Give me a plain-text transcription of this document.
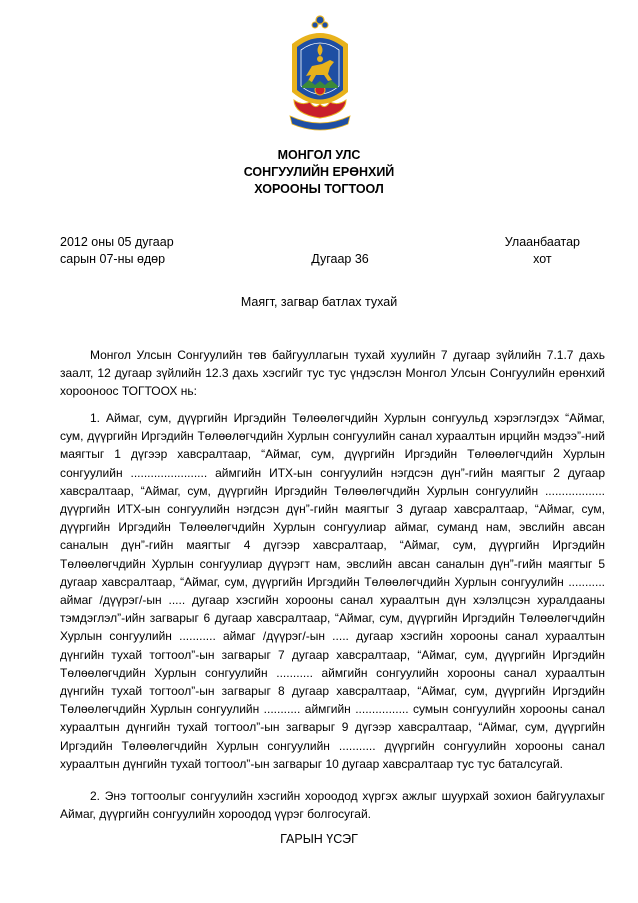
МОНГОЛ УЛС
СОНГУУЛИЙН ЕРӨНХИЙ
ХОРООНЫ ТОГТООЛ
2012 оны 05 дугаар
сарын 07-ны өдөр	Дугаар 36
Улаанбаатар
хот
Маягт, загвар батлах тухай

Монгол Улсын Сонгуулийн төв байгууллагын тухай хуулийн 7 дугаар зүйлийн 7.1.7 дахь заалт, 12 дугаар зүйлийн 12.3 дахь хэсгийг тус тус үндэслэн Монгол Улсын Сонгуулийн ерөнхий хорооноос ТОГТООХ нь:

1. Аймаг, сум, дүүргийн Иргэдийн Төлөөлөгчдийн Хурлын сонгуульд хэрэглэгдэх “Аймаг, сум, дүүргийн Иргэдийн Төлөөлөгчдийн Хурлын сонгуулийн санал хураалтын ирцийн мэдээ”-ний маягтыг 1 дүгээр хавсралтаар, “Аймаг, сум, дүүргийн Иргэдийн Төлөөлөгчдийн Хурлын сонгуулийн ....................... аймгийн ИТХ-ын сонгуулийн нэгдсэн дүн”-гийн маягтыг 2 дугаар хавсралтаар, “Аймаг, сум, дүүргийн Иргэдийн Төлөөлөгчдийн Хурлын сонгуулийн .................. дүүргийн ИТХ-ын сонгуулийн нэгдсэн дүн”-гийн маягтыг 3 дугаар хавсралтаар, “Аймаг, сум, дүүргийн Иргэдийн Төлөөлөгчдийн Хурлын сонгуулиар аймаг, суманд нам, эвслийн авсан саналын дүн”-гийн маягтыг 4 дүгээр хавсралтаар, “Аймаг, сум, дүүргийн Иргэдийн Төлөөлөгчдийн Хурлын сонгуулиар дүүрэгт нам, эвслийн авсан саналын дүн”-гийн маягтыг 5 дугаар хавсралтаар, “Аймаг, сум, дүүргийн Иргэдийн Төлөөлөгчдийн Хурлын сонгуулийн ........... аймаг /дүүрэг/-ын ..... дугаар хэсгийн хорооны санал хураалтын дүн хэлэлцсэн хуралдааны тэмдэглэл”-ийн загварыг 6 дугаар хавсралтаар, “Аймаг, сум, дүүргийн Иргэдийн Төлөөлөгчдийн Хурлын сонгуулийн ........... аймаг /дүүрэг/-ын ..... дугаар хэсгийн хорооны санал хураалтын дүнгийн тухай тогтоол”-ын загварыг 7 дугаар хавсралтаар, “Аймаг, сум, дүүргийн Иргэдийн Төлөөлөгчдийн Хурлын сонгуулийн ........... аймгийн сонгуулийн хорооны санал хураалтын дүнгийн тухай тогтоол”-ын загварыг 8 дугаар хавсралтаар, “Аймаг, сум, дүүргийн Иргэдийн Төлөөлөгчдийн Хурлын сонгуулийн ........... аймгийн ................ сумын сонгуулийн хорооны санал хураалтын дүнгийн тухай тогтоол”-ын загварыг 9 дүгээр хавсралтаар, “Аймаг, сум, дүүргийн Иргэдийн Төлөөлөгчдийн Хурлын сонгуулийн ........... дүүргийн сонгуулийн хорооны санал хураалтын дүнгийн тухай тогтоол”-ын загварыг 10 дугаар хавсралтаар тус тус баталсугай.

2. Энэ тогтоолыг сонгуулийн хэсгийн хороодод хүргэх ажлыг шуурхай зохион байгуулахыг Аймаг, дүүргийн сонгуулийн хороодод үүрэг болгосугай.

ГАРЫН ҮСЭГ
